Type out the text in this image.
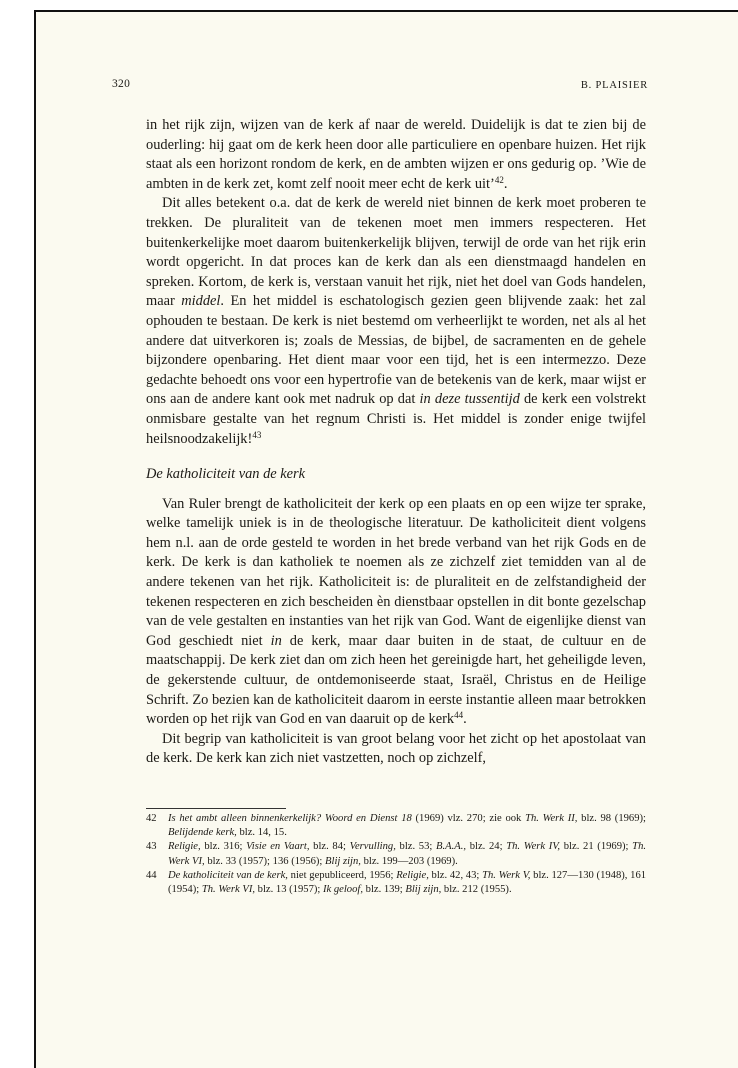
320	B. PLAISIER

in het rijk zijn, wijzen van de kerk af naar de wereld. Duidelijk is dat te zien bij de ouderling: hij gaat om de kerk heen door alle particuliere en openbare huizen. Het rijk staat als een horizont rondom de kerk, en de ambten wijzen er ons gedurig op. ’Wie de ambten in de kerk zet, komt zelf nooit meer echt de kerk uit’$^{42}$.

Dit alles betekent o.a. dat de kerk de wereld niet binnen de kerk moet proberen te trekken. De pluraliteit van de tekenen moet men immers respecteren. Het buitenkerkelijke moet daarom buitenkerkelijk blijven, terwijl de orde van het rijk erin wordt opgericht. In dat proces kan de kerk dan als een dienstmaagd handelen en spreken. Kortom, de kerk is, verstaan vanuit het rijk, niet het doel van Gods handelen, maar middel. En het middel is eschatologisch gezien geen blijvende zaak: het zal ophouden te bestaan. De kerk is niet bestemd om verheerlijkt te worden, net als al het andere dat uitverkoren is; zoals de Messias, de bijbel, de sacramenten en de gehele bijzondere openbaring. Het dient maar voor een tijd, het is een intermezzo. Deze gedachte behoedt ons voor een hypertrofie van de betekenis van de kerk, maar wijst er ons aan de andere kant ook met nadruk op dat in deze tussentijd de kerk een volstrekt onmisbare gestalte van het regnum Christi is. Het middel is zonder enige twijfel heilsnoodzakelijk!$^{43}$

De katholiciteit van de kerk

Van Ruler brengt de katholiciteit der kerk op een plaats en op een wijze ter sprake, welke tamelijk uniek is in de theologische literatuur. De katholiciteit dient volgens hem n.l. aan de orde gesteld te worden in het brede verband van het rijk Gods en de kerk. De kerk is dan katholiek te noemen als ze zichzelf ziet temidden van al de andere tekenen van het rijk. Katholiciteit is: de pluraliteit en de zelfstandigheid der tekenen respecteren en zich bescheiden èn dienstbaar opstellen in dit bonte gezelschap van de vele gestalten en instanties van het rijk van God. Want de eigenlijke dienst van God geschiedt niet in de kerk, maar daar buiten in de staat, de cultuur en de maatschappij. De kerk ziet dan om zich heen het gereinigde hart, het geheiligde leven, de gekerstende cultuur, de ontdemoniseerde staat, Israël, Christus en de Heilige Schrift. Zo bezien kan de katholiciteit daarom in eerste instantie alleen maar betrokken worden op het rijk van God en van daaruit op de kerk$^{44}$.

Dit begrip van katholiciteit is van groot belang voor het zicht op het apostolaat van de kerk. De kerk kan zich niet vastzetten, noch op zichzelf,

42 Is het ambt alleen binnenkerkelijk? Woord en Dienst 18 (1969) vlz. 270; zie ook Th. Werk II, blz. 98 (1969); Belijdende kerk, blz. 14, 15.
43 Religie, blz. 316; Visie en Vaart, blz. 84; Vervulling, blz. 53; B.A.A., blz. 24; Th. Werk IV, blz. 21 (1969); Th. Werk VI, blz. 33 (1957); 136 (1956); Blij zijn, blz. 199—203 (1969).
44 De katholiciteit van de kerk, niet gepubliceerd, 1956; Religie, blz. 42, 43; Th. Werk V, blz. 127—130 (1948), 161 (1954); Th. Werk VI, blz. 13 (1957); Ik geloof, blz. 139; Blij zijn, blz. 212 (1955).
